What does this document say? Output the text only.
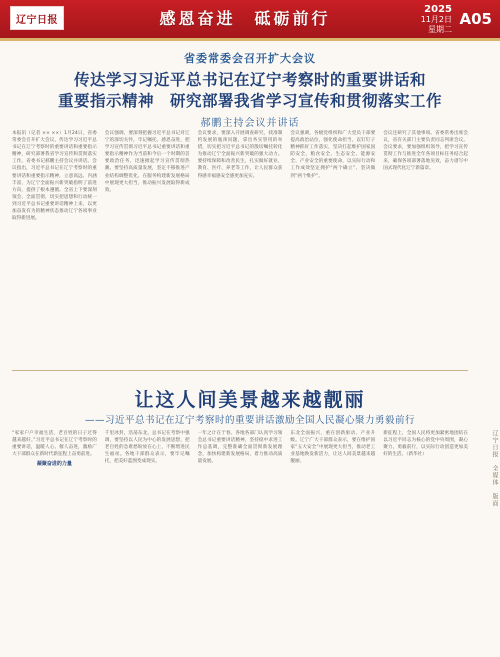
辽宁日报	感恩奋进　砥砺前行	2025
11月2日
星期二
A05
省委常委会召开扩大会议
传达学习习近平总书记在辽宁考察时的重要讲话和
重要指示精神　研究部署我省学习宣传和贯彻落实工作
郝鹏主持会议并讲话
本报讯（记者 ×× ××）1月24日，省委常委会召开扩大会议，传达学习习近平总书记在辽宁考察时的重要讲话和重要指示精神，研究部署我省学习宣传和贯彻落实工作。省委书记郝鹏主持会议并讲话。会议指出，习近平总书记在辽宁考察时的重要讲话和重要指示精神，立意高远、内涵丰富，为辽宁全面振兴新突破指明了前进方向、提供了根本遵循。全省上下要深刻领会、全面贯彻，切实把思想和行动统一到习近平总书记重要讲话精神上来，以更加奋发有为的精神状态推动辽宁各项事业取得新进展。
会议强调，要深刻把握习近平总书记对辽宁的深切关怀，牢记嘱托、感恩奋进，把学习宣传贯彻习近平总书记重要讲话和重要指示精神作为当前和今后一个时期的首要政治任务，迅速掀起学习宣传贯彻热潮。要坚持高质量发展，坚定不移推进产业结构调整优化，在服务构建新发展格局中展现更大担当，推动振兴发展取得新成效。
会议要求，要深入开展调查研究，找准制约发展的瓶颈问题，拿出务实管用的举措，切实把习近平总书记的殷切嘱托转化为推动辽宁全面振兴新突破的强大动力。要持续保障和改善民生，扎实做好就业、教育、医疗、养老等工作，让人民群众获得感幸福感安全感更加充实。
会议强调，各级党组织和广大党员干部要提高政治站位，强化使命担当，以钉钉子精神抓好工作落实，坚决扛起维护国家国防安全、粮食安全、生态安全、能源安全、产业安全的重要使命，以实际行动和工作成效坚定拥护“两个确立”、坚决做到“两个维护”。
会议还研究了其他事项。省委常委出席会议，省有关部门主要负责同志列席会议。会议要求，要加强组织领导，把学习宣传贯彻工作与推进全年各项目标任务结合起来，确保各项部署落地见效，奋力谱写中国式现代化辽宁新篇章。
让这人间美景越来越靓丽
——习近平总书记在辽宁考察时的重要讲话激励全国人民凝心聚力勇毅前行
“家家户户幸福生活，老百姓的日子过得越来越好。”习近平总书记在辽宁考察时的重要讲话，温暖人心、催人奋进，激励广大干部群众在新时代新征程上奋勇前进。
凝聚奋进的力量
千里冰封，浩荡东北。总书记在考察中强调，要坚持以人民为中心的发展思想，把老百姓的急难愁盼放在心上，不断增进民生福祉。各地干部群众表示，要牢记嘱托，把美好蓝图变成现实。
一年之计在于春。各地各部门认真学习领会总书记重要讲话精神，坚持稳中求进工作总基调，完整准确全面贯彻新发展理念，加快构建新发展格局，着力推动高质量发展。
东北全面振兴，重在创新驱动、产业升级。辽宁广大干部群众表示，要在维护国家“五大安全”中展现更大担当，推动老工业基地焕发新活力，让这人间美景越来越靓丽。
新征程上，全国人民将更加紧密地团结在以习近平同志为核心的党中央周围，凝心聚力、勇毅前行，以实际行动创造更加美好的生活。（新华社）	辽宁日报　全媒体　版面
